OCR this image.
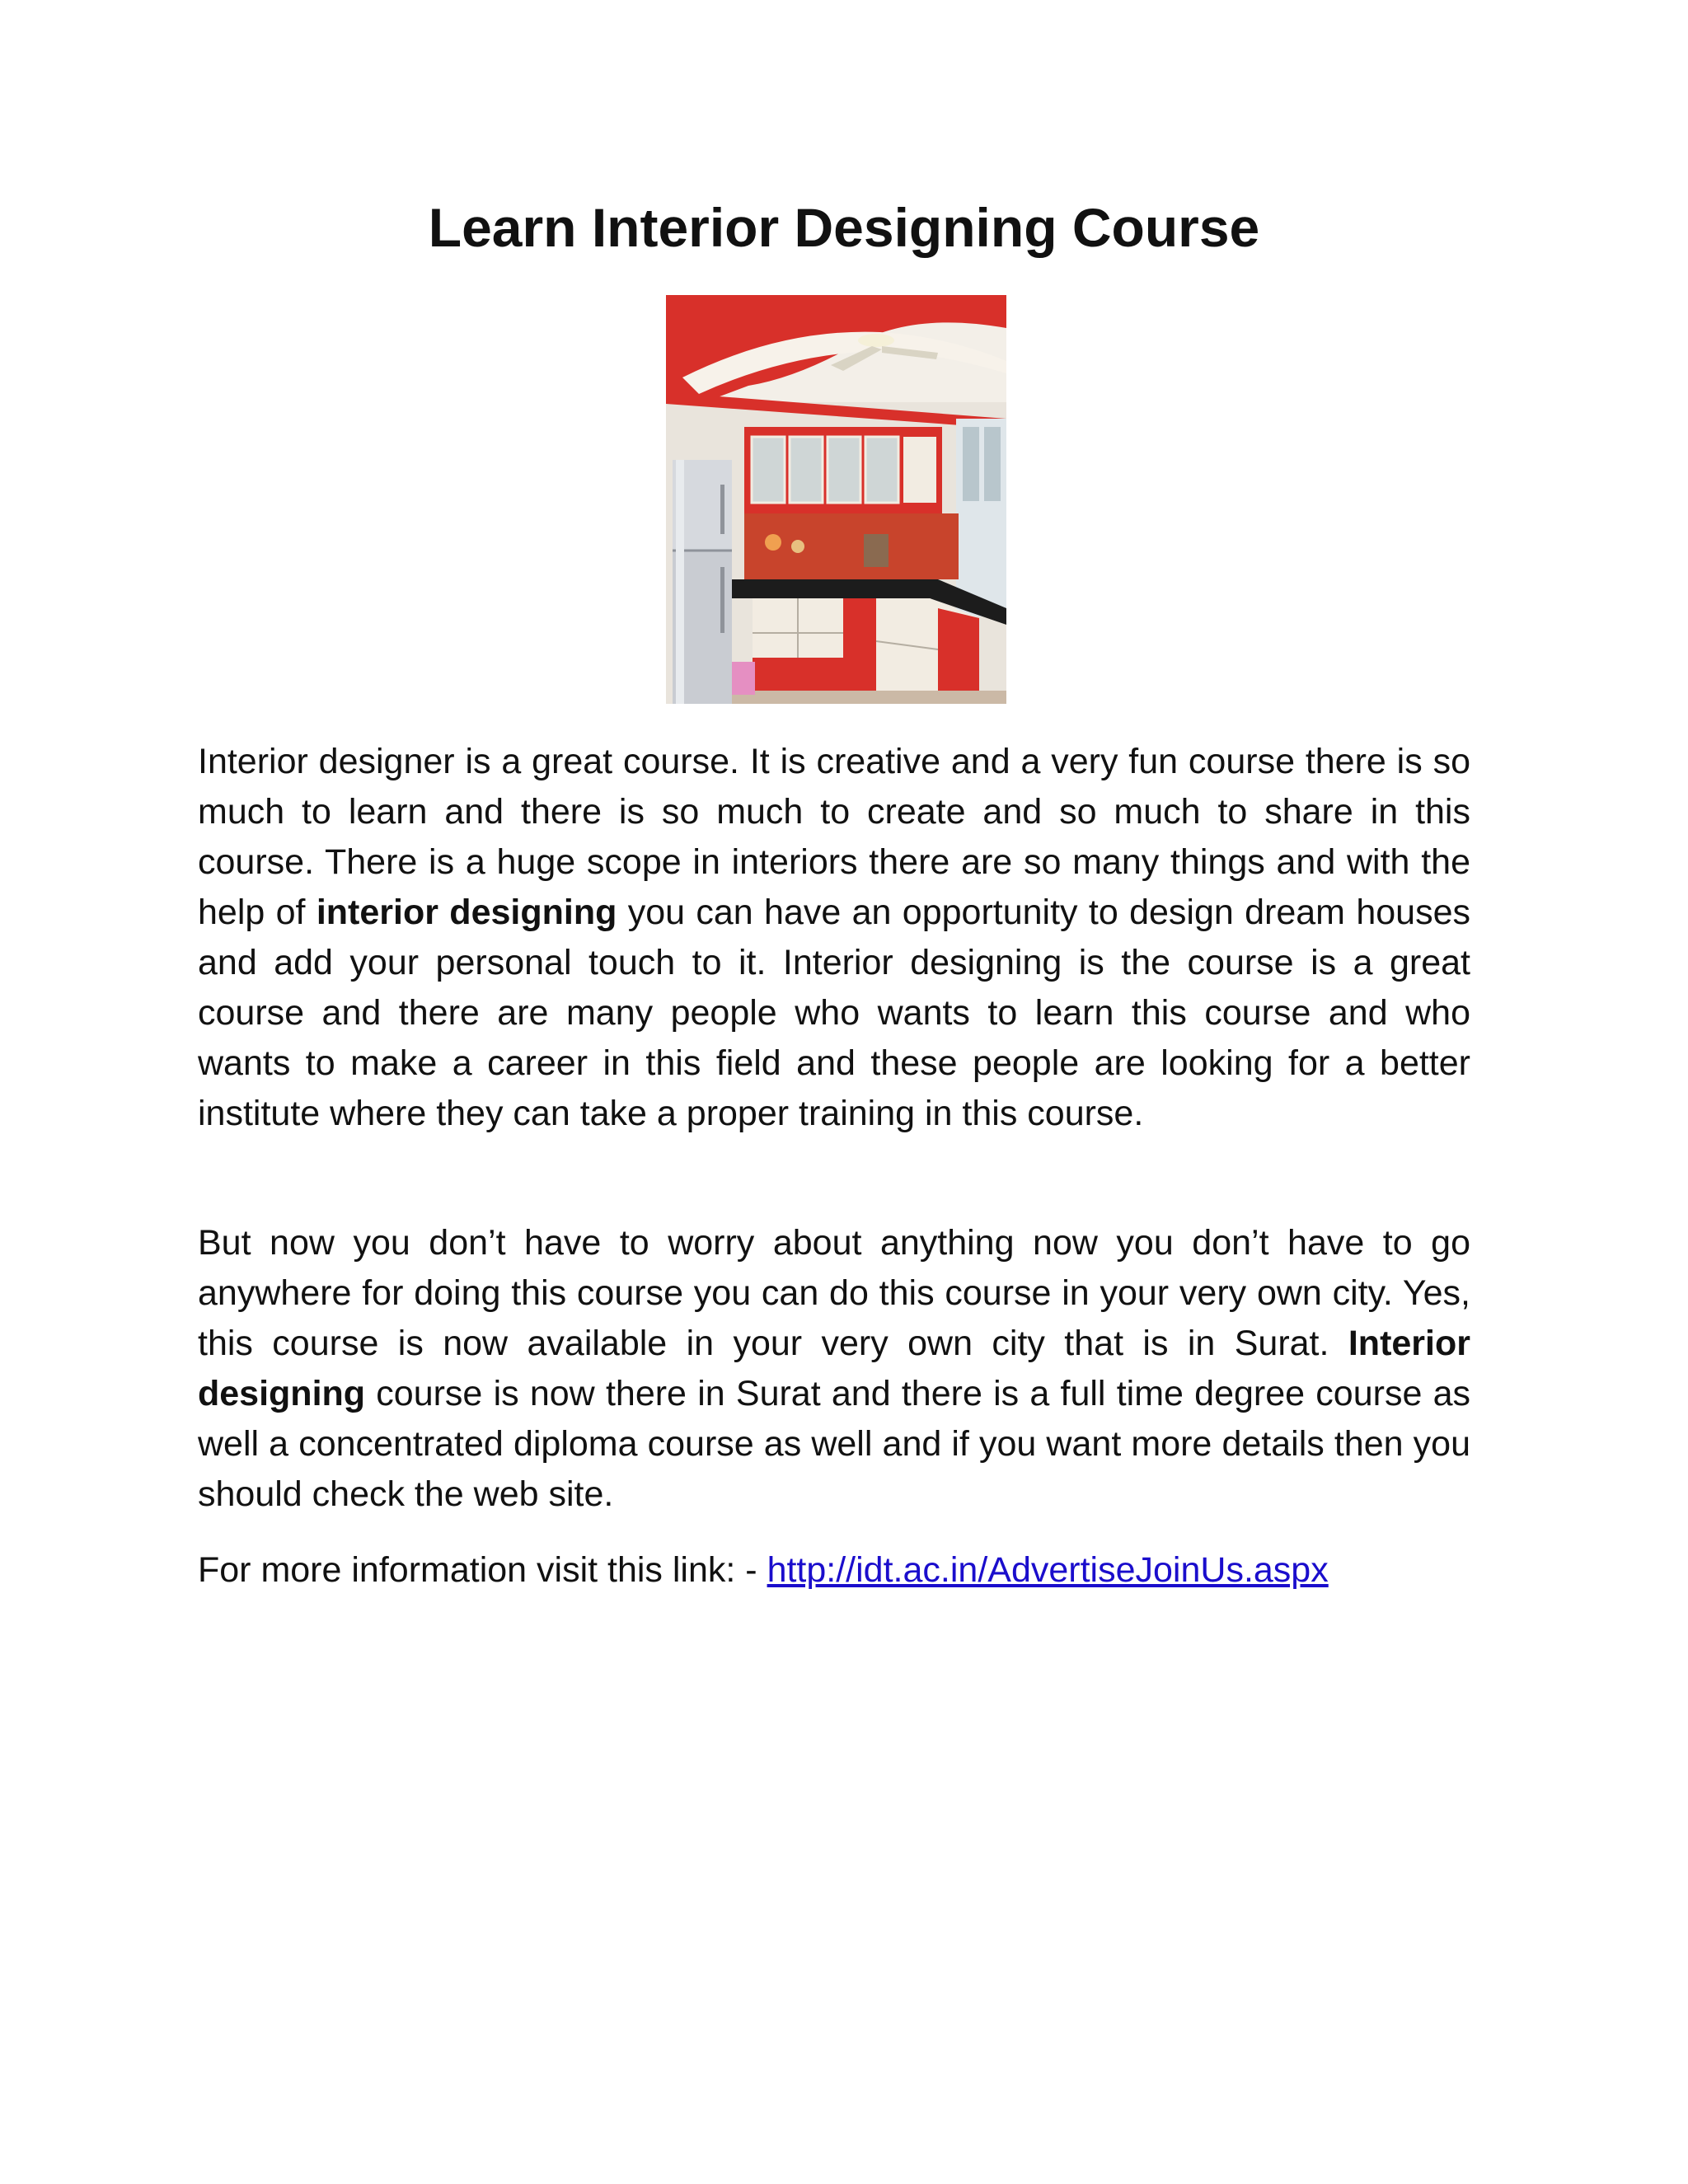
Learn Interior Designing Course

Interior designer is a great course. It is creative and a very fun course there is so much to learn and there is so much to create and so much to share in this course. There is a huge scope in interiors there are so many things and with the help of interior designing you can have an opportunity to design dream houses and add your personal touch to it. Interior designing is the course is a great course and there are many people who wants to learn this course and who wants to make a career in this field and these people are looking for a better institute where they can take a proper training in this course.

But now you don’t have to worry about anything now you don’t have to go anywhere for doing this course you can do this course in your very own city. Yes, this course is now available in your very own city that is in Surat. Interior designing course is now there in Surat and there is a full time degree course as well a concentrated diploma course as well and if you want more details then you should check the web site.

For more information visit this link: - http://idt.ac.in/AdvertiseJoinUs.aspx
